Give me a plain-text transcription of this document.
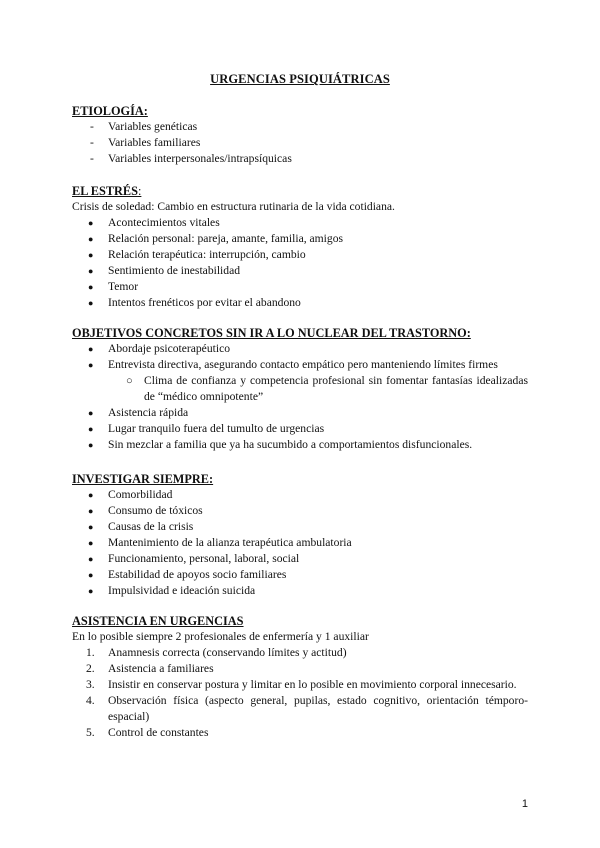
URGENCIAS PSIQUIÁTRICAS
ETIOLOGÍA:
- Variables genéticas
- Variables familiares
- Variables interpersonales/intrapsíquicas
EL ESTRÉS:
Crisis de soledad: Cambio en estructura rutinaria de la vida cotidiana.
● Acontecimientos vitales
● Relación personal: pareja, amante, familia, amigos
● Relación terapéutica: interrupción, cambio
● Sentimiento de inestabilidad
● Temor
● Intentos frenéticos por evitar el abandono
OBJETIVOS CONCRETOS SIN IR A LO NUCLEAR DEL TRASTORNO:
● Abordaje psicoterapéutico
● Entrevista directiva, asegurando contacto empático pero manteniendo límites firmes
○ Clima de confianza y competencia profesional sin fomentar fantasías idealizadas de “médico omnipotente”
● Asistencia rápida
● Lugar tranquilo fuera del tumulto de urgencias
● Sin mezclar a familia que ya ha sucumbido a comportamientos disfuncionales.
INVESTIGAR SIEMPRE:
● Comorbilidad
● Consumo de tóxicos
● Causas de la crisis
● Mantenimiento de la alianza terapéutica ambulatoria
● Funcionamiento, personal, laboral, social
● Estabilidad de apoyos socio familiares
● Impulsividad e ideación suicida
ASISTENCIA EN URGENCIAS
En lo posible siempre 2 profesionales de enfermería y 1 auxiliar
1. Anamnesis correcta (conservando límites y actitud)
2. Asistencia a familiares
3. Insistir en conservar postura y limitar en lo posible en movimiento corporal innecesario.
4. Observación física (aspecto general, pupilas, estado cognitivo, orientación témporo-espacial)
5. Control de constantes
1
